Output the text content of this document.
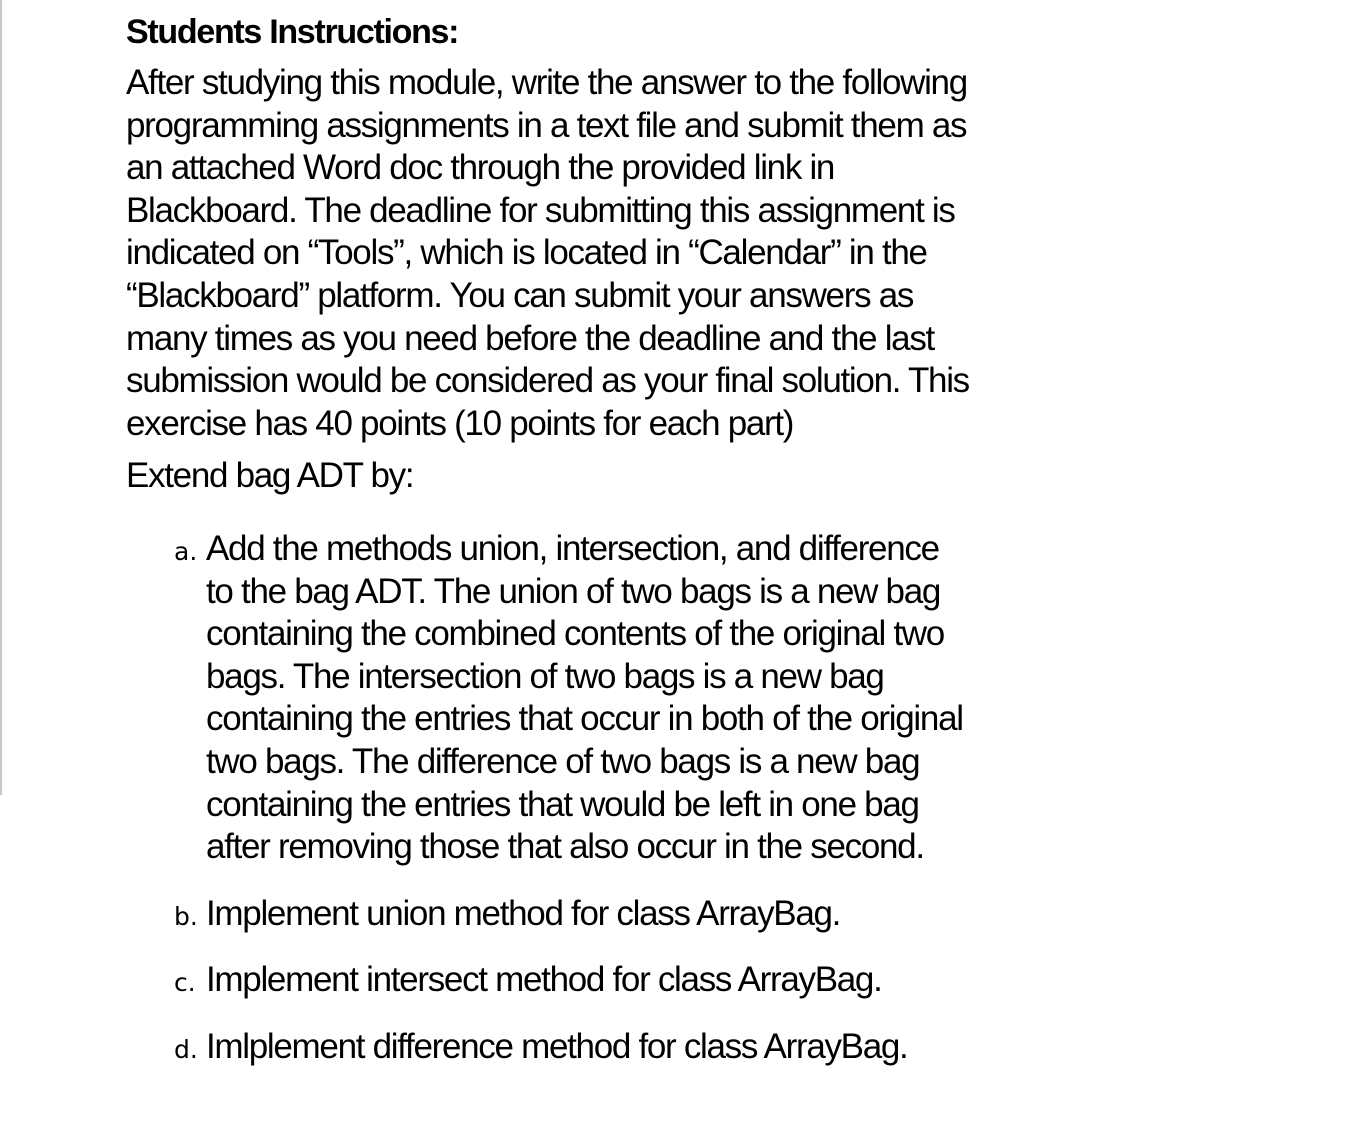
Students Instructions:

After studying this module, write the answer to the following programming assignments in a text file and submit them as an attached Word doc through the provided link in Blackboard. The deadline for submitting this assignment is indicated on “Tools”, which is located in “Calendar” in the “Blackboard” platform. You can submit your answers as many times as you need before the deadline and the last submission would be considered as your final solution. This exercise has 40 points (10 points for each part)

Extend bag ADT by:

a. Add the methods union, intersection, and difference to the bag ADT. The union of two bags is a new bag containing the combined contents of the original two bags. The intersection of two bags is a new bag containing the entries that occur in both of the original two bags. The difference of two bags is a new bag containing the entries that would be left in one bag after removing those that also occur in the second.
b. Implement union method for class ArrayBag.
c. Implement intersect method for class ArrayBag.
d. Imlplement difference method for class ArrayBag.
